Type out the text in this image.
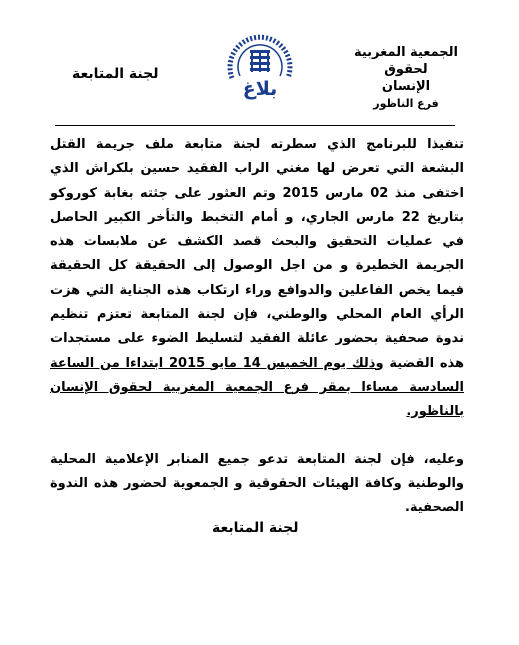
الجمعية المغربية لحقوق
الإنسان
فرع الناظور
بلاغ
لجنة المتابعة

تنفيذا للبرنامج الذي سطرته لجنة متابعة ملف جريمة القتل البشعة التي تعرض لها مغني الراب الفقيد حسين بلكراش الذي اختفى منذ 02 مارس 2015 وتم العثور على جثته بغابة كوروكو بتاريخ 22 مارس الجاري، و أمام التخبط والتأخر الكبير الحاصل في عمليات التحقيق والبحث قصد الكشف عن ملابسات هذه الجريمة الخطيرة و من اجل الوصول إلى الحقيقة كل الحقيقة فيما يخص الفاعلين والدوافع وراء ارتكاب هذه الجناية التي هزت الرأي العام المحلي والوطني، فإن لجنة المتابعة تعتزم تنظيم ندوة صحفية بحضور عائلة الفقيد لتسليط الضوء على مستجدات هذه القضية وذلك يوم الخميس 14 مايو 2015 ابتداءا من الساعة السادسة مساءا بمقر فرع الجمعية المغربية لحقوق الإنسان بالناظور.

وعليه، فإن لجنة المتابعة تدعو جميع المنابر الإعلامية المحلية والوطنية وكافة الهيئات الحقوقية و الجمعوية لحضور هذه الندوة الصحفية.

لجنة المتابعة
